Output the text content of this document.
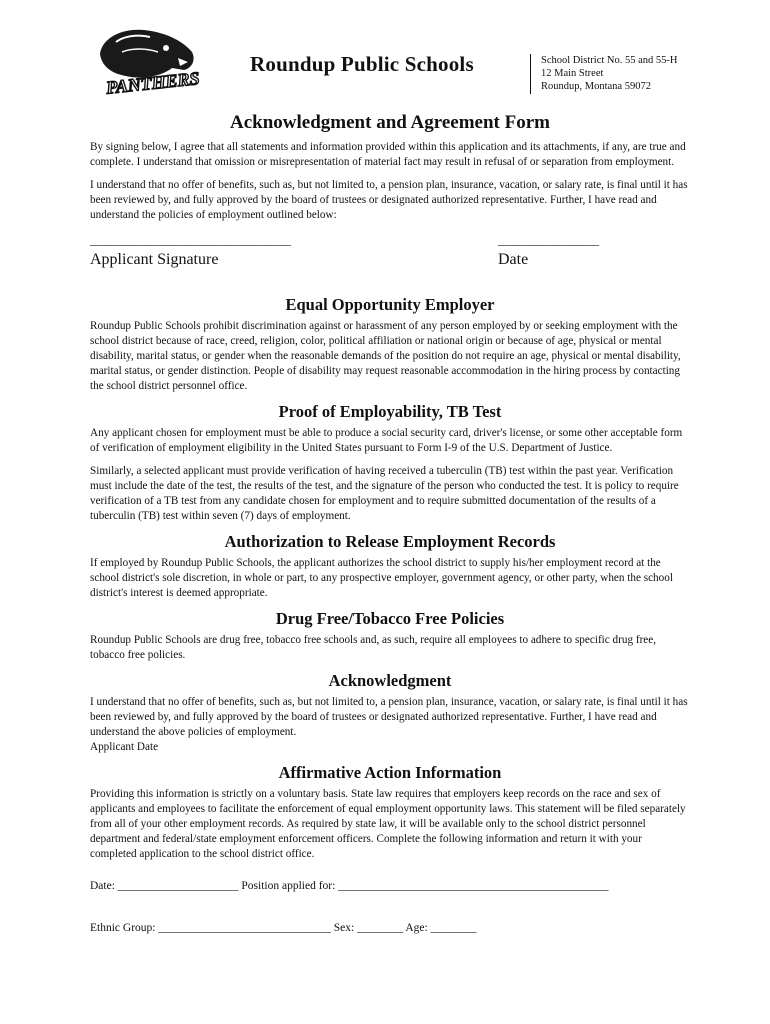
PANTHERS
Roundup Public Schools	School District No. 55 and 55-H
12 Main Street
Roundup, Montana 59072
Acknowledgment and Agreement Form

By signing below, I agree that all statements and information provided within this application and its attachments, if any, are true and complete. I understand that omission or misrepresentation of material fact may result in refusal of or separation from employment.

I understand that no offer of benefits, such as, but not limited to, a pension plan, insurance, vacation, or salary rate, is final until it has been reviewed by, and fully approved by the board of trustees or designated authorized representative. Further, I have read and understand the policies of employment outlined below:

________________________________________	____________________
Applicant Signature	Date
Equal Opportunity Employer

Roundup Public Schools prohibit discrimination against or harassment of any person employed by or seeking employment with the school district because of race, creed, religion, color, political affiliation or national origin or because of age, physical or mental disability, marital status, or gender when the reasonable demands of the position do not require an age, physical or mental disability, marital status, or gender distinction. People of disability may request reasonable accommodation in the hiring process by contacting the school district personnel office.

Proof of Employability, TB Test

Any applicant chosen for employment must be able to produce a social security card, driver's license, or some other acceptable form of verification of employment eligibility in the United States pursuant to Form I-9 of the U.S. Department of Justice.

Similarly, a selected applicant must provide verification of having received a tuberculin (TB) test within the past year. Verification must include the date of the test, the results of the test, and the signature of the person who conducted the test. It is policy to require verification of a TB test from any candidate chosen for employment and to require submitted documentation of the results of a tuberculin (TB) test within seven (7) days of employment.

Authorization to Release Employment Records

If employed by Roundup Public Schools, the applicant authorizes the school district to supply his/her employment record at the school district's sole discretion, in whole or part, to any prospective employer, government agency, or other party, when the school district's interest is deemed appropriate.

Drug Free/Tobacco Free Policies

Roundup Public Schools are drug free, tobacco free schools and, as such, require all employees to adhere to specific drug free, tobacco free policies.

Acknowledgment

I understand that no offer of benefits, such as, but not limited to, a pension plan, insurance, vacation, or salary rate, is final until it has been reviewed by, and fully approved by the board of trustees or designated authorized representative. Further, I have read and understand the above policies of employment.

Applicant Date

Affirmative Action Information

Providing this information is strictly on a voluntary basis. State law requires that employers keep records on the race and sex of applicants and employees to facilitate the enforcement of equal employment opportunity laws. This statement will be filed separately from all of your other employment records. As required by state law, it will be available only to the school district personnel department and federal/state employment enforcement officers. Complete the following information and return it with your completed application to the school district office.

Date: _____________________ Position applied for: _______________________________________________
Ethnic Group: ______________________________ Sex: ________ Age: ________
